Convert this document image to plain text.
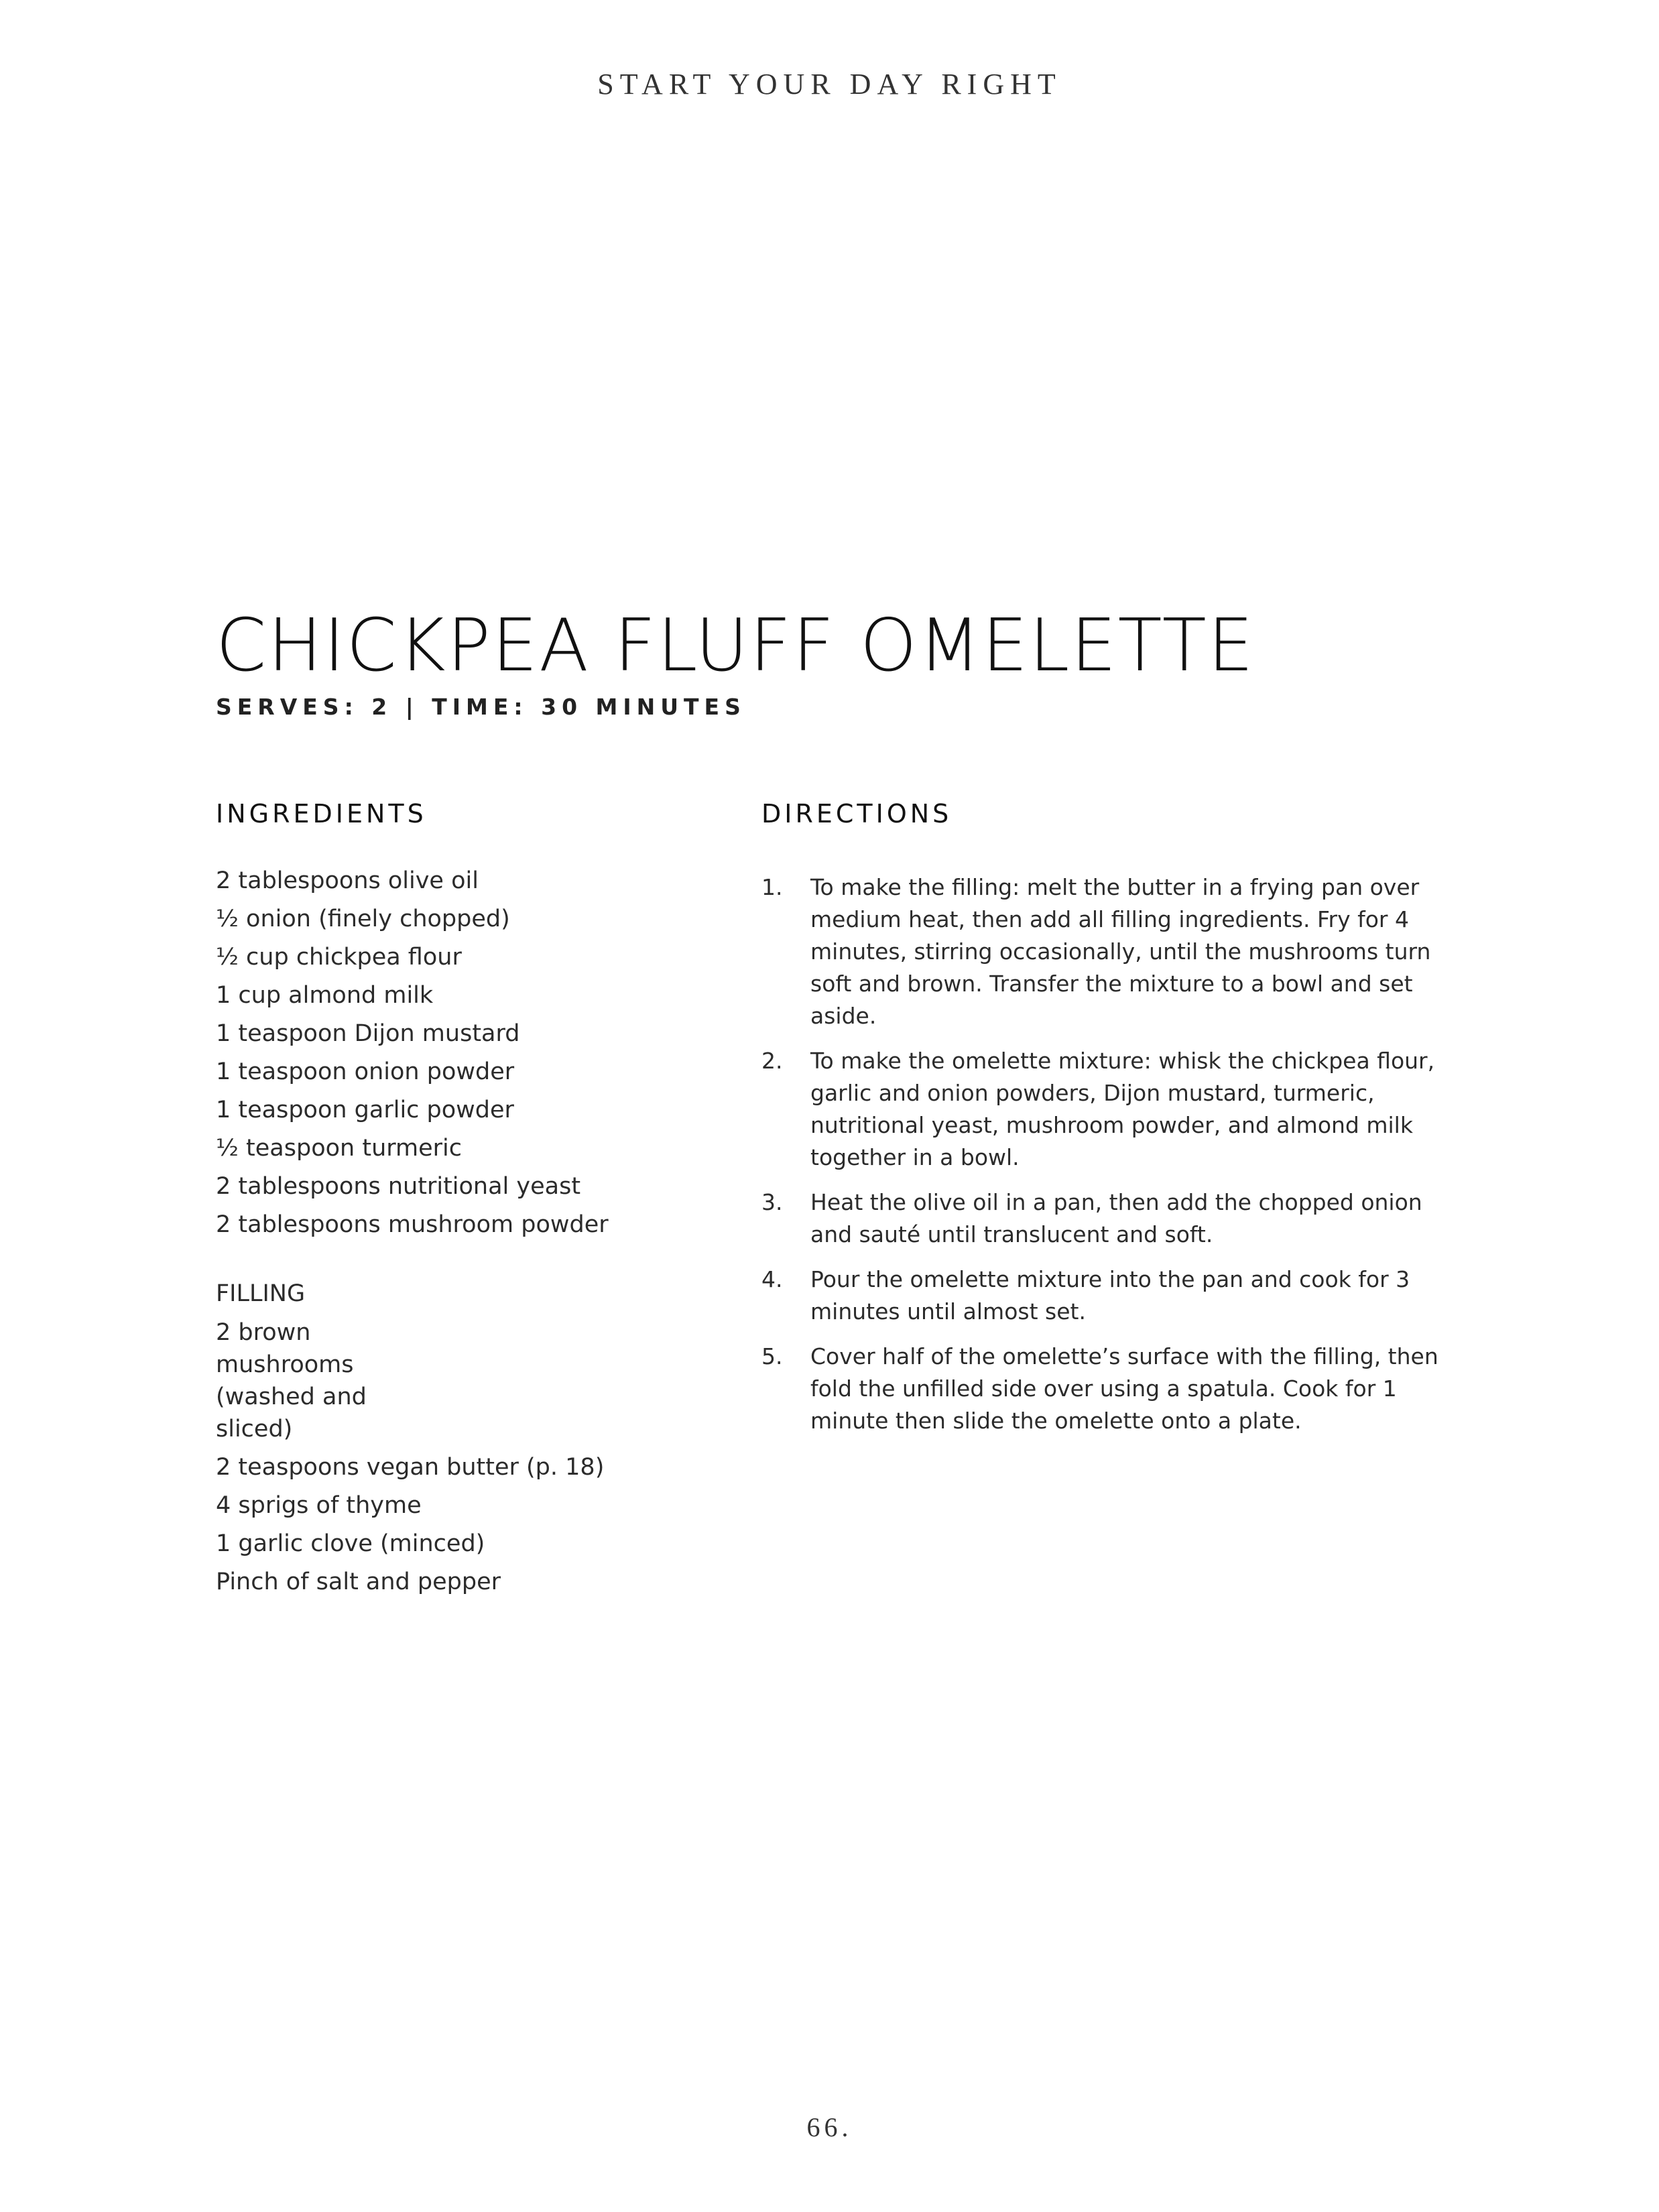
START YOUR DAY RIGHT
CHICKPEA FLUFF OMELETTE
SERVES: 2 | TIME: 30 MINUTES
INGREDIENTS	DIRECTIONS
2 tablespoons olive oil
½ onion (finely chopped)
½ cup chickpea flour
1 cup almond milk
1 teaspoon Dijon mustard
1 teaspoon onion powder
1 teaspoon garlic powder
½ teaspoon turmeric
2 tablespoons nutritional yeast
2 tablespoons mushroom powder
FILLING
2 brown mushrooms (washed and sliced)
2 teaspoons vegan butter (p. 18)
4 sprigs of thyme
1 garlic clove (minced)
Pinch of salt and pepper
1. To make the filling: melt the butter in a frying pan over medium heat, then add all filling ingredients. Fry for 4 minutes, stirring occasionally, until the mushrooms turn soft and brown. Transfer the mixture to a bowl and set aside.
2. To make the omelette mixture: whisk the chickpea flour, garlic and onion powders, Dijon mustard, turmeric, nutritional yeast, mushroom powder, and almond milk together in a bowl.
3. Heat the olive oil in a pan, then add the chopped onion and sauté until translucent and soft.
4. Pour the omelette mixture into the pan and cook for 3 minutes until almost set.
5. Cover half of the omelette’s surface with the filling, then fold the unfilled side over using a spatula. Cook for 1 minute then slide the omelette onto a plate.
66.
